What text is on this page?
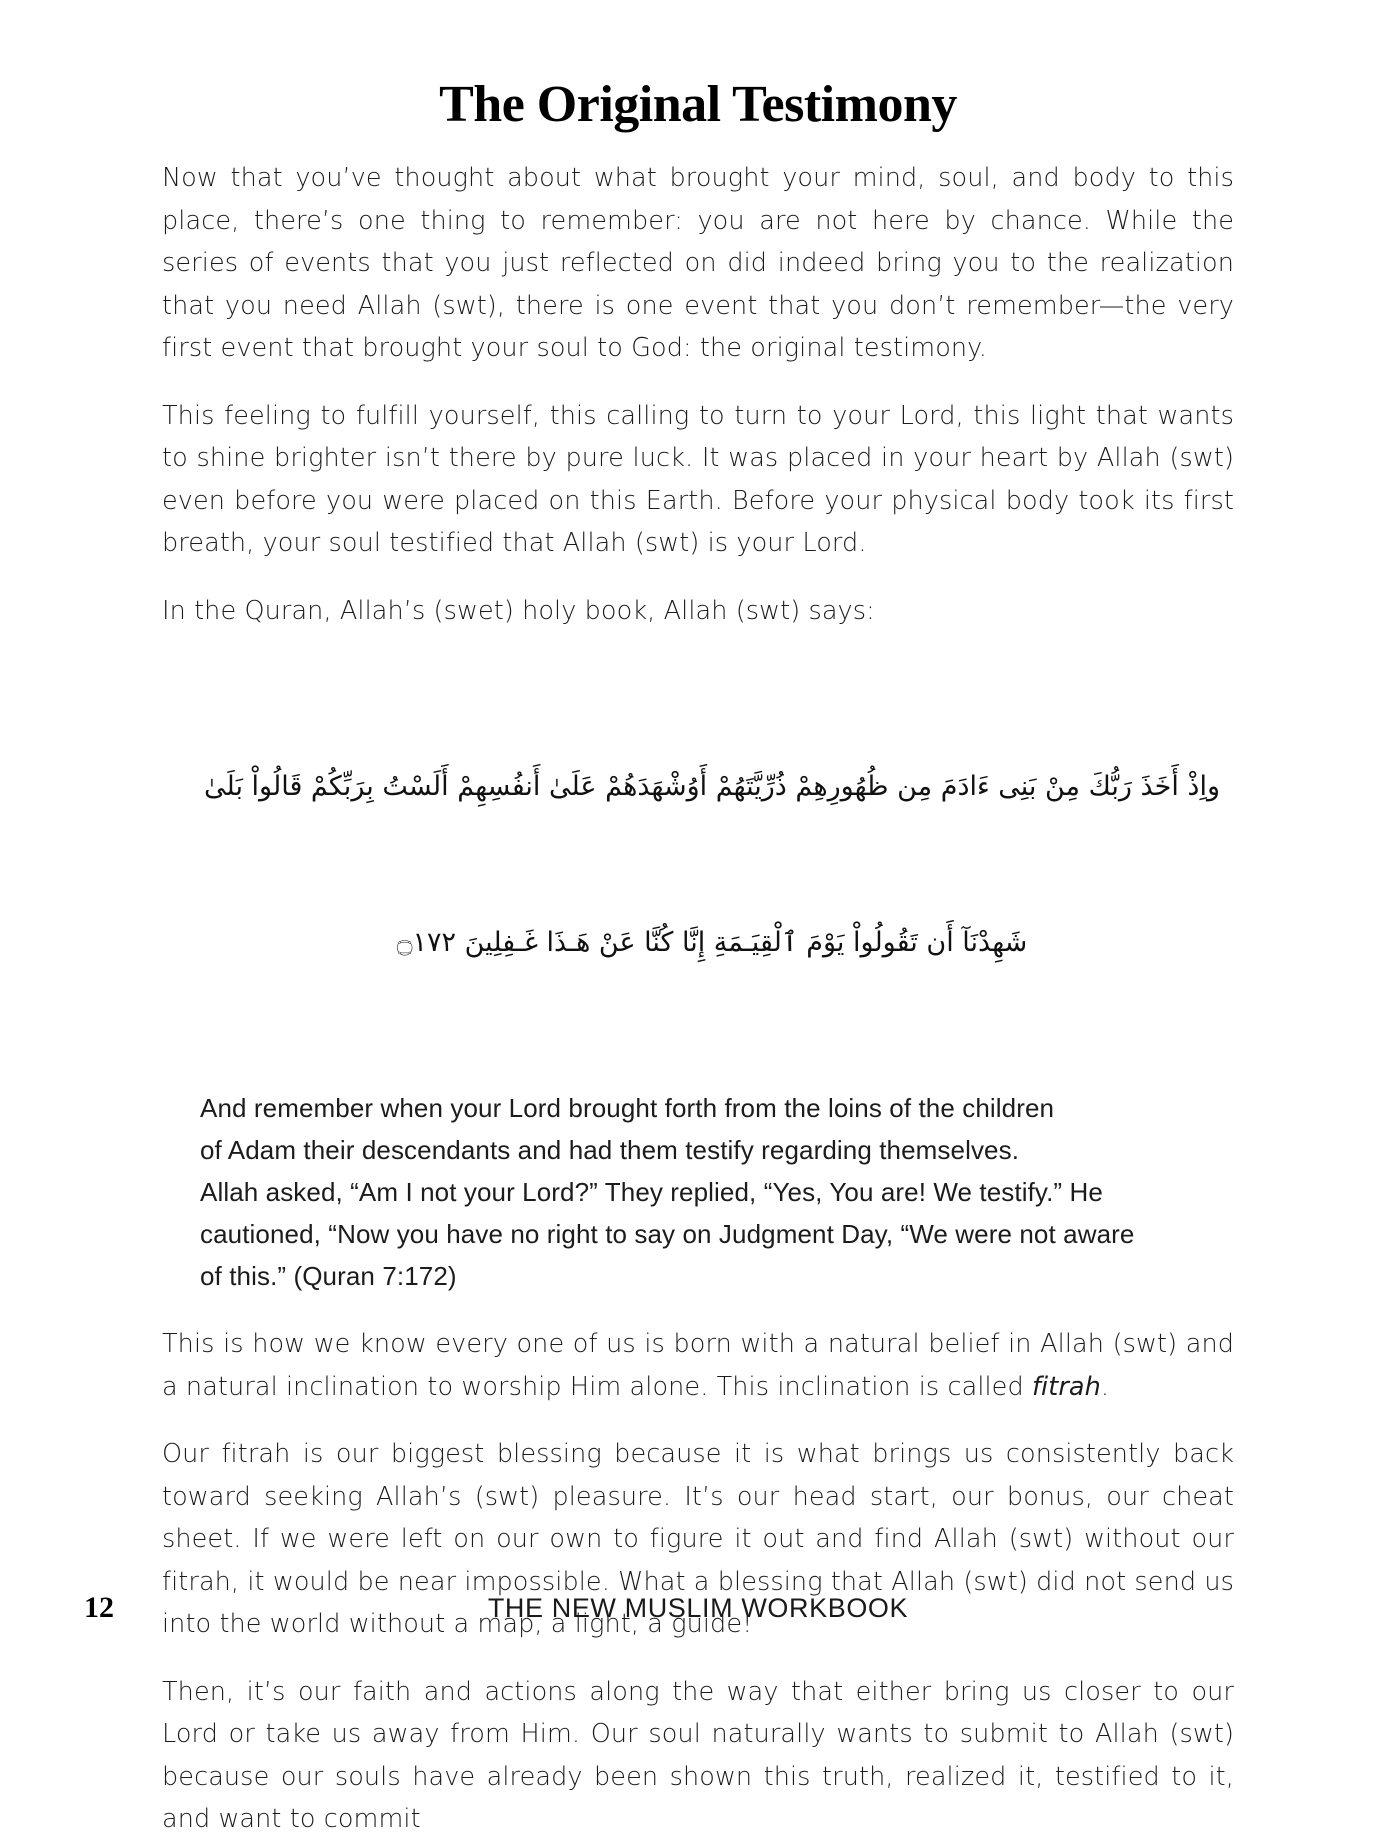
The Original Testimony

Now that you’ve thought about what brought your mind, soul, and body to this place, there’s one thing to remember: you are not here by chance. While the series of events that you just reflected on did indeed bring you to the realization that you need Allah (swt), there is one event that you don’t remember—the very first event that brought your soul to God: the original testimony.

This feeling to fulfill yourself, this calling to turn to your Lord, this light that wants to shine brighter isn’t there by pure luck. It was placed in your heart by Allah (swt) even before you were placed on this Earth. Before your physical body took its first breath, your soul testified that Allah (swt) is your Lord.

In the Quran, Allah’s (swet) holy book, Allah (swt) says:

واِذْ أَخَذَ رَبُّكَ مِنْ بَنِى ءَادَمَ مِن ظُهُورِهِمْ ذُرِّيَّتَهُمْ أَوُشْهَدَهُمْ عَلَىٰ أَنفُسِهِمْ أَلَسْتُ بِرَبِّكُمْ قَالُواْ بَلَىٰ

شَهِدْنَآ أَن تَقُولُواْ يَوْمَ ٱلْقِيَـمَةِ إِنَّا كُنَّا عَنْ هَـذَا غَـفِلِينَ ۝١٧٢

And remember when your Lord brought forth from the loins of the children
of Adam their descendants and had them testify regarding themselves.
Allah asked, “Am I not your Lord?” They replied, “Yes, You are! We testify.” He
cautioned, “Now you have no right to say on Judgment Day, “We were not aware
of this.” (Quran 7:172)

This is how we know every one of us is born with a natural belief in Allah (swt) and a natural inclination to worship Him alone. This inclination is called fitrah.

Our fitrah is our biggest blessing because it is what brings us consistently back toward seeking Allah’s (swt) pleasure. It’s our head start, our bonus, our cheat sheet. If we were left on our own to figure it out and find Allah (swt) without our fitrah, it would be near impossible. What a blessing that Allah (swt) did not send us into the world without a map, a light, a guide!

Then, it’s our faith and actions along the way that either bring us closer to our Lord or take us away from Him. Our soul naturally wants to submit to Allah (swt) because our souls have already been shown this truth, realized it, testified to it, and want to commit

12	THE NEW MUSLIM WORKBOOK
